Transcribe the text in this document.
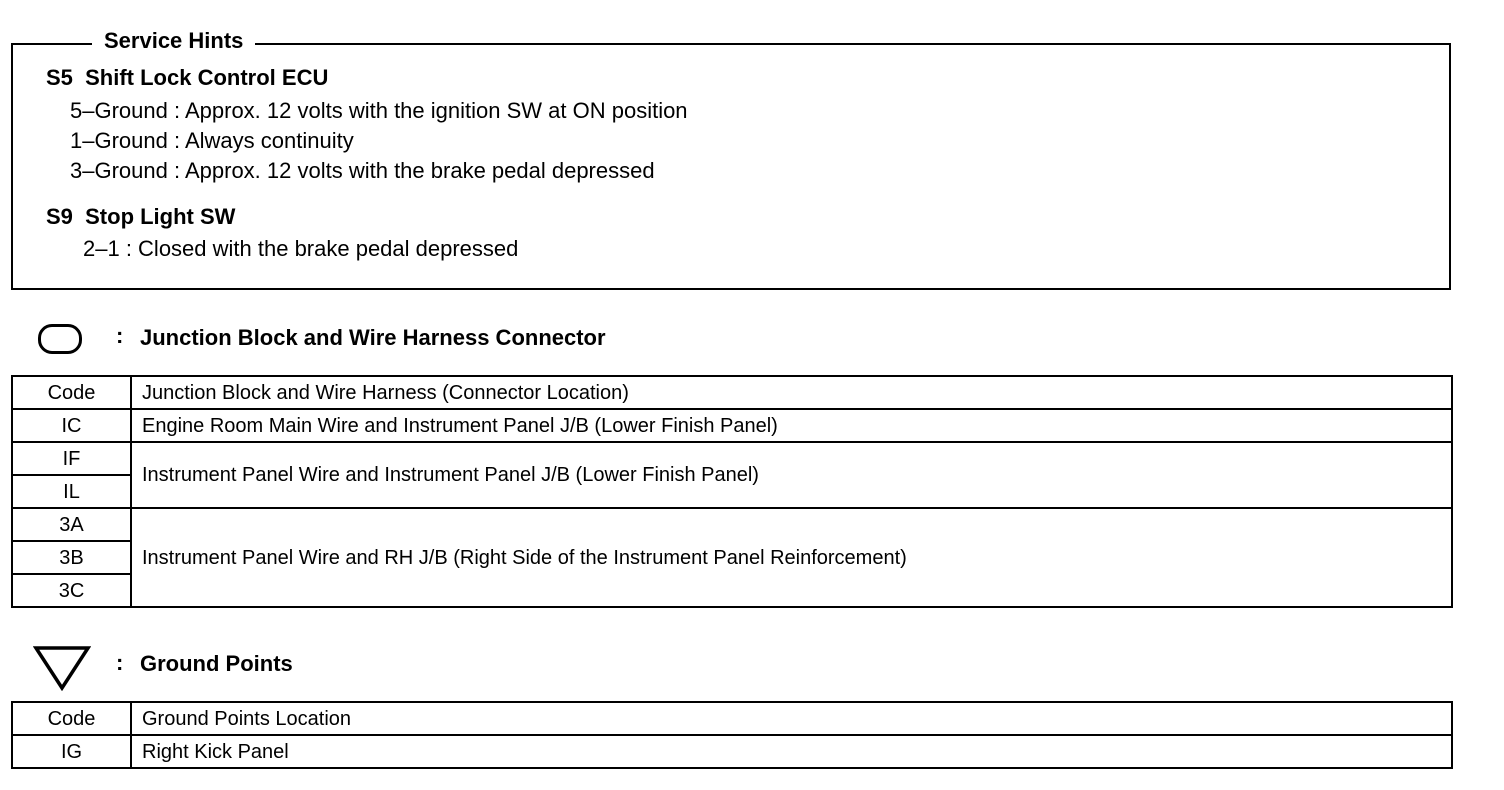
Service Hints
S5  Shift Lock Control ECU
5–Ground : Approx. 12 volts with the ignition SW at ON position
1–Ground : Always continuity
3–Ground : Approx. 12 volts with the brake pedal depressed
S9  Stop Light SW
2–1 : Closed with the brake pedal depressed
: Junction Block and Wire Harness Connector
Code	Junction Block and Wire Harness (Connector Location)
IC	Engine Room Main Wire and Instrument Panel J/B (Lower Finish Panel)
IF	Instrument Panel Wire and Instrument Panel J/B (Lower Finish Panel)
IL	
3A	Instrument Panel Wire and RH J/B (Right Side of the Instrument Panel Reinforcement)
3B	
3C	
: Ground Points
Code	Ground Points Location
IG	Right Kick Panel
